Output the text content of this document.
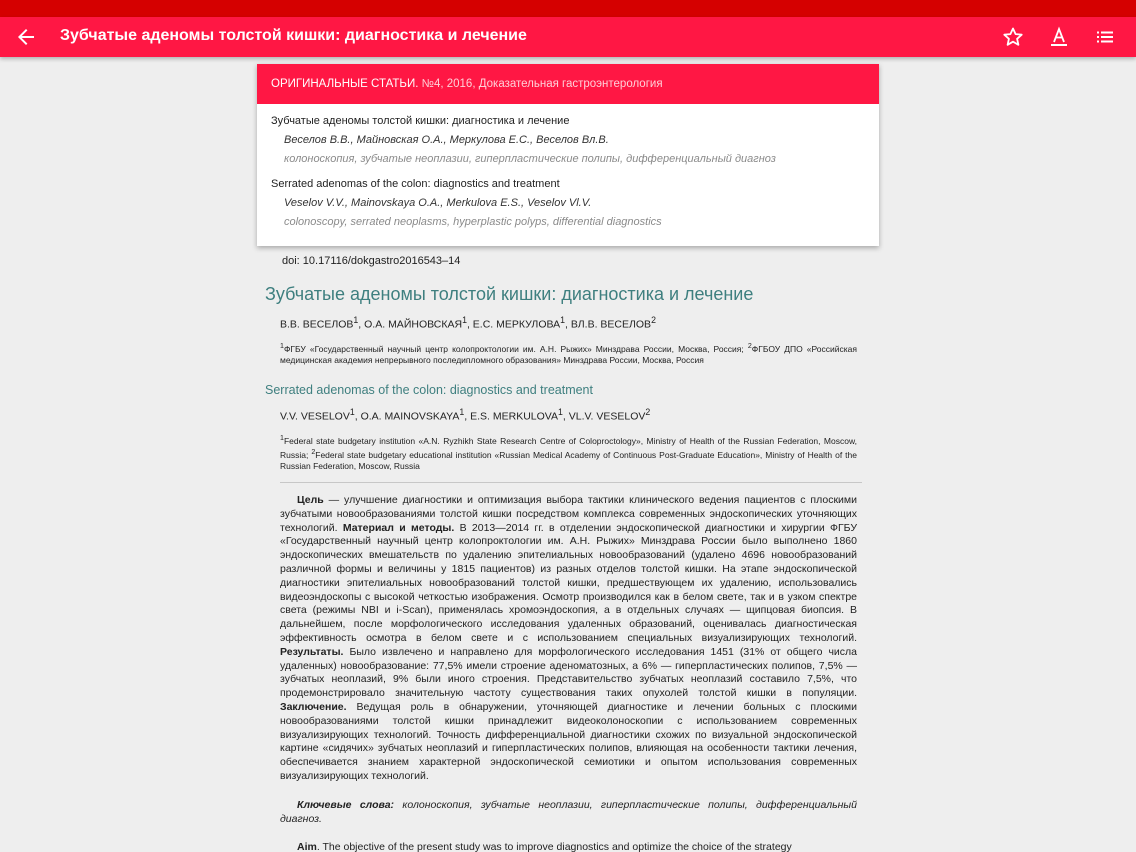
Зубчатые аденомы толстой кишки: диагностика и лечение
ОРИГИНАЛЬНЫЕ СТАТЬИ. №4, 2016, Доказательная гастроэнтерология
Зубчатые аденомы толстой кишки: диагностика и лечение
Веселов В.В., Майновская О.А., Меркулова Е.С., Веселов Вл.В.
колоноскопия, зубчатые неоплазии, гиперпластические полипы, дифференциальный диагноз
Serrated adenomas of the colon: diagnostics and treatment
Veselov V.V., Mainovskaya O.A., Merkulova E.S., Veselov Vl.V.
colonoscopy, serrated neoplasms, hyperplastic polyps, differential diagnostics
doi: 10.17116/dokgastro2016543–14
Зубчатые аденомы толстой кишки: диагностика и лечение
В.В. ВЕСЕЛОВ$^1$, О.А. МАЙНОВСКАЯ$^1$, Е.С. МЕРКУЛОВА$^1$, ВЛ.В. ВЕСЕЛОВ$^2$
$^1$ФГБУ «Государственный научный центр колопроктологии им. А.Н. Рыжих» Минздрава России, Москва, Россия; $^2$ФГБОУ ДПО «Российская медицинская академия непрерывного последипломного образования» Минздрава России, Москва, Россия
Serrated adenomas of the colon: diagnostics and treatment
V.V. VESELOV$^1$, O.A. MAINOVSKAYA$^1$, E.S. MERKULOVA$^1$, VL.V. VESELOV$^2$
$^1$Federal state budgetary institution «A.N. Ryzhikh State Research Centre of Coloproctology», Ministry of Health of the Russian Federation, Moscow, Russia; $^2$Federal state budgetary educational institution «Russian Medical Academy of Continuous Post-Graduate Education», Ministry of Health of the Russian Federation, Moscow, Russia
Цель — улучшение диагностики и оптимизация выбора тактики клинического ведения пациентов с плоскими зубчатыми новообразованиями толстой кишки посредством комплекса современных эндоскопических уточняющих технологий. Материал и методы. В 2013—2014 гг. в отделении эндоскопической диагностики и хирургии ФГБУ «Государственный научный центр колопроктологии им. А.Н. Рыжих» Минздрава России было выполнено 1860 эндоскопических вмешательств по удалению эпителиальных новообразований (удалено 4696 новообразований различной формы и величины у 1815 пациентов) из разных отделов толстой кишки. На этапе эндоскопической диагностики эпителиальных новообразований толстой кишки, предшествующем их удалению, использовались видеоэндоскопы с высокой четкостью изображения. Осмотр производился как в белом свете, так и в узком спектре света (режимы NBI и i-Scan), применялась хромоэндоскопия, а в отдельных случаях — щипцовая биопсия. В дальнейшем, после морфологического исследования удаленных образований, оценивалась диагностическая эффективность осмотра в белом свете и с использованием специальных визуализирующих технологий. Результаты. Было извлечено и направлено для морфологического исследования 1451 (31% от общего числа удаленных) новообразование: 77,5% имели строение аденоматозных, а 6% — гиперпластических полипов, 7,5% — зубчатых неоплазий, 9% были иного строения. Представительство зубчатых неоплазий составило 7,5%, что продемонстрировало значительную частоту существования таких опухолей толстой кишки в популяции. Заключение. Ведущая роль в обнаружении, уточняющей диагностике и лечении больных с плоскими новообразованиями толстой кишки принадлежит видеоколоноскопии с использованием современных визуализирующих технологий. Точность дифференциальной диагностики схожих по визуальной эндоскопической картине «сидячих» зубчатых неоплазий и гиперпластических полипов, влияющая на особенности тактики лечения, обеспечивается знанием характерной эндоскопической семиотики и опытом использования современных визуализирующих технологий.
Ключевые слова: колоноскопия, зубчатые неоплазии, гиперпластические полипы, дифференциальный диагноз.
Aim. The objective of the present study was to improve diagnostics and optimize the choice of the strategy
